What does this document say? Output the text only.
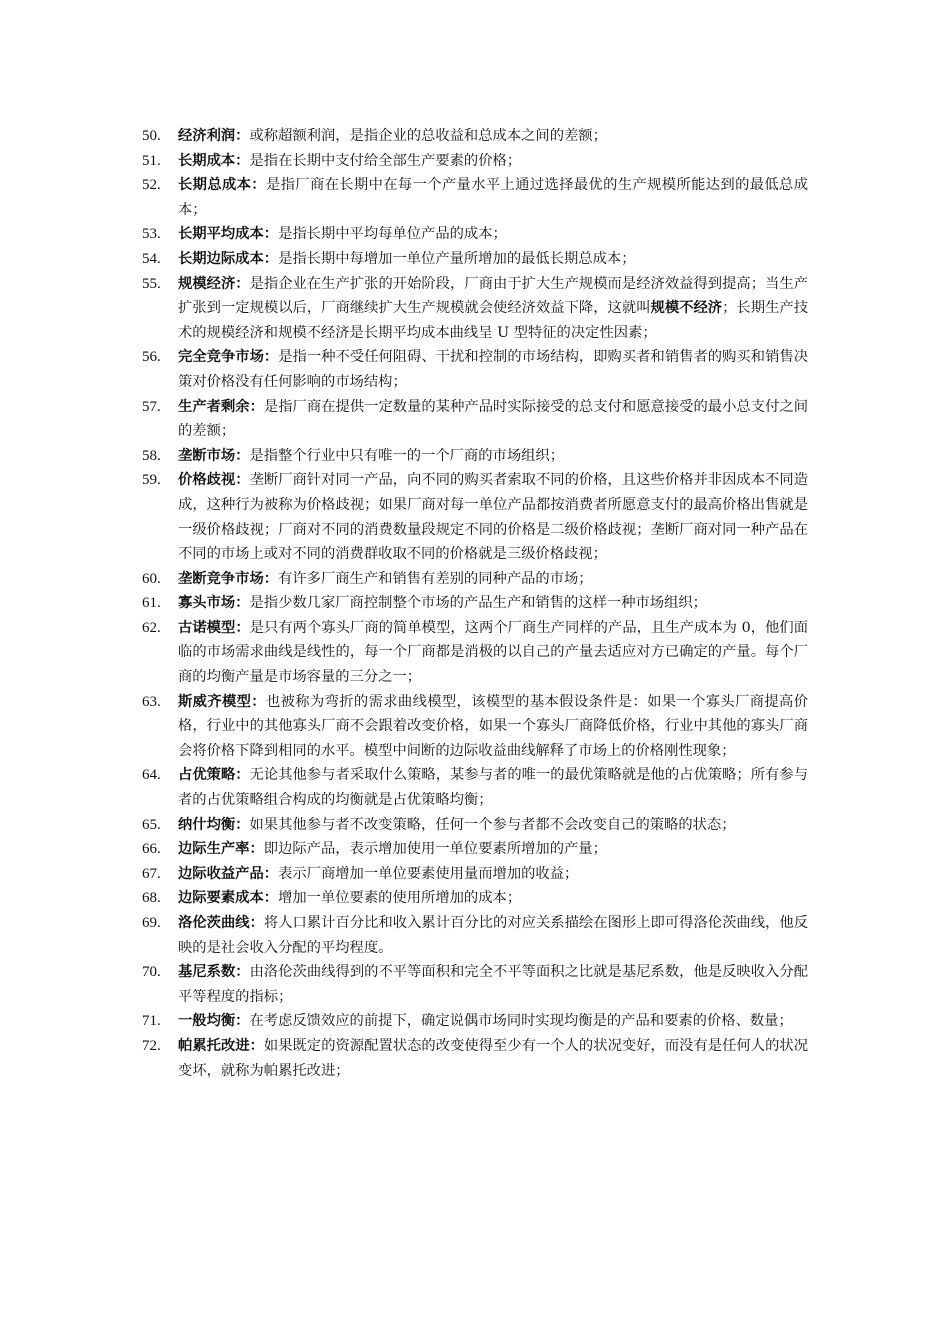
50. 经济利润：或称超额利润，是指企业的总收益和总成本之间的差额；
51. 长期成本：是指在长期中支付给全部生产要素的价格；
52. 长期总成本：是指厂商在长期中在每一个产量水平上通过选择最优的生产规模所能达到的最低总成本；
53. 长期平均成本：是指长期中平均每单位产品的成本；
54. 长期边际成本：是指长期中每增加一单位产量所增加的最低长期总成本；
55. 规模经济：是指企业在生产扩张的开始阶段，厂商由于扩大生产规模而是经济效益得到提高；当生产扩张到一定规模以后，厂商继续扩大生产规模就会使经济效益下降，这就叫规模不经济；长期生产技术的规模经济和规模不经济是长期平均成本曲线呈 U 型特征的决定性因素；
56. 完全竞争市场：是指一种不受任何阻碍、干扰和控制的市场结构，即购买者和销售者的购买和销售决策对价格没有任何影响的市场结构；
57. 生产者剩余：是指厂商在提供一定数量的某种产品时实际接受的总支付和愿意接受的最小总支付之间的差额；
58. 垄断市场：是指整个行业中只有唯一的一个厂商的市场组织；
59. 价格歧视：垄断厂商针对同一产品，向不同的购买者索取不同的价格，且这些价格并非因成本不同造成，这种行为被称为价格歧视；如果厂商对每一单位产品都按消费者所愿意支付的最高价格出售就是一级价格歧视；厂商对不同的消费数量段规定不同的价格是二级价格歧视；垄断厂商对同一种产品在不同的市场上或对不同的消费群收取不同的价格就是三级价格歧视；
60. 垄断竞争市场：有许多厂商生产和销售有差别的同种产品的市场；
61. 寡头市场：是指少数几家厂商控制整个市场的产品生产和销售的这样一种市场组织；
62. 古诺模型：是只有两个寡头厂商的简单模型，这两个厂商生产同样的产品，且生产成本为 0，他们面临的市场需求曲线是线性的，每一个厂商都是消极的以自己的产量去适应对方已确定的产量。每个厂商的均衡产量是市场容量的三分之一；
63. 斯威齐模型：也被称为弯折的需求曲线模型，该模型的基本假设条件是：如果一个寡头厂商提高价格，行业中的其他寡头厂商不会跟着改变价格，如果一个寡头厂商降低价格，行业中其他的寡头厂商会将价格下降到相同的水平。模型中间断的边际收益曲线解释了市场上的价格刚性现象；
64. 占优策略：无论其他参与者采取什么策略，某参与者的唯一的最优策略就是他的占优策略；所有参与者的占优策略组合构成的均衡就是占优策略均衡；
65. 纳什均衡：如果其他参与者不改变策略，任何一个参与者都不会改变自己的策略的状态；
66. 边际生产率：即边际产品，表示增加使用一单位要素所增加的产量；
67. 边际收益产品：表示厂商增加一单位要素使用量而增加的收益；
68. 边际要素成本：增加一单位要素的使用所增加的成本；
69. 洛伦茨曲线：将人口累计百分比和收入累计百分比的对应关系描绘在图形上即可得洛伦茨曲线，他反映的是社会收入分配的平均程度。
70. 基尼系数：由洛伦茨曲线得到的不平等面积和完全不平等面积之比就是基尼系数，他是反映收入分配平等程度的指标；
71. 一般均衡：在考虑反馈效应的前提下，确定说偶市场同时实现均衡是的产品和要素的价格、数量；
72. 帕累托改进：如果既定的资源配置状态的改变使得至少有一个人的状况变好，而没有是任何人的状况变坏，就称为帕累托改进；
